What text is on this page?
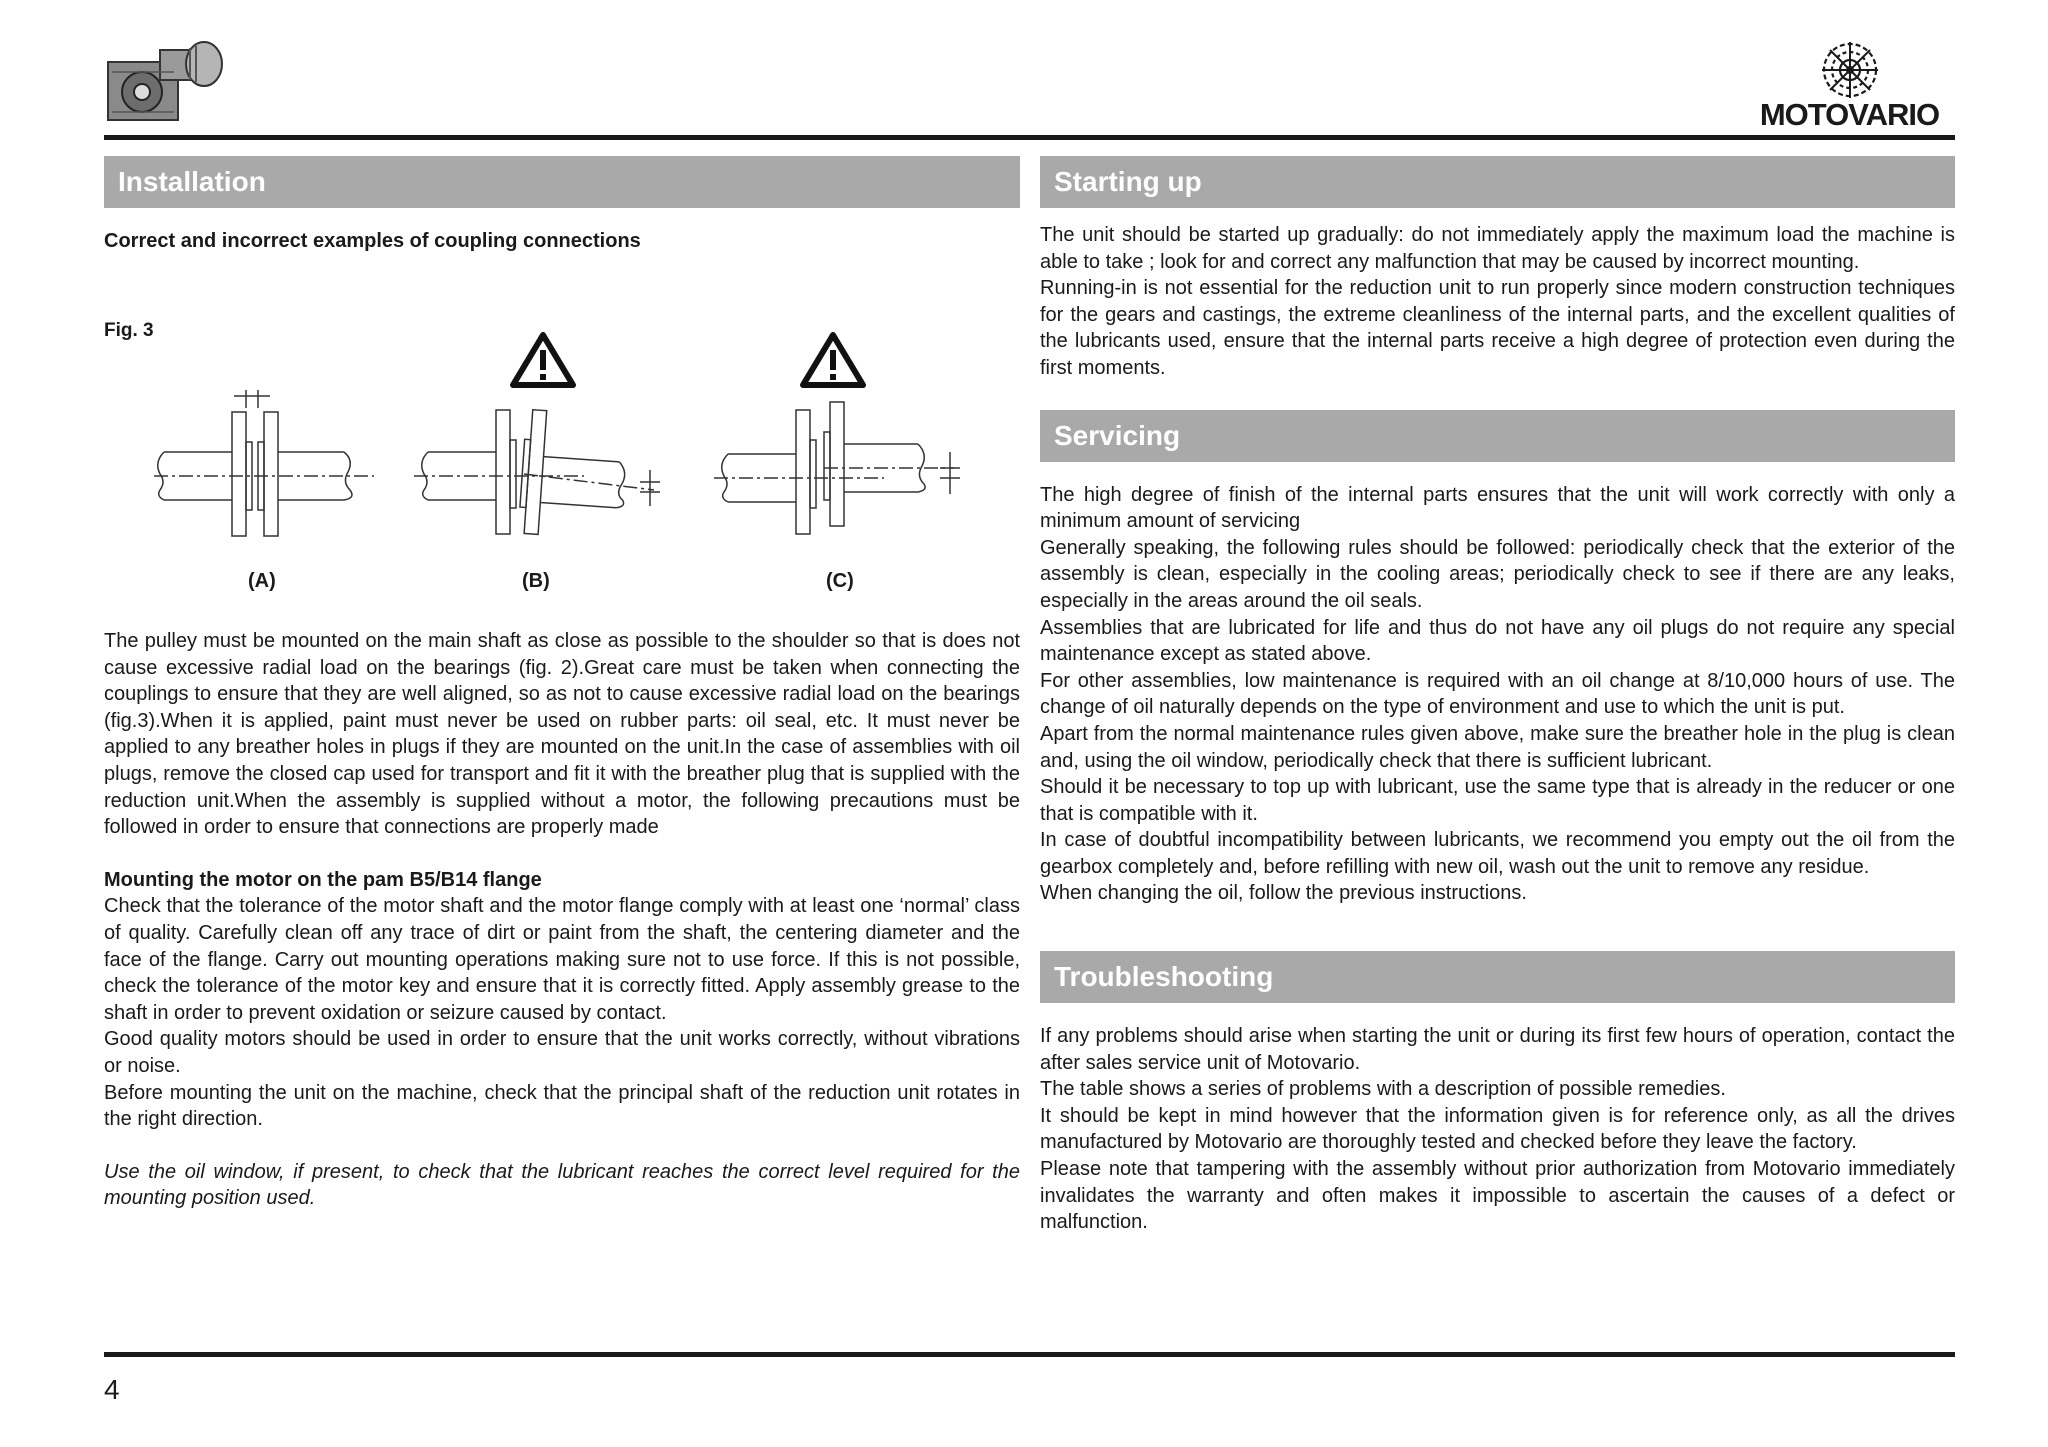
MOTOVARIO
Installation
Correct and incorrect examples of coupling connections
Fig. 3
(A)	(B)	(C)

The pulley must be mounted on the main shaft as close as possible to the shoulder so that is does not cause excessive radial load on the bearings (fig. 2).Great care must be taken when connecting the couplings to ensure that they are well aligned, so as not to cause excessive radial load on the bearings (fig.3).When it is applied, paint must never be used on rubber parts: oil seal, etc. It must never be applied to any breather holes in plugs if they are mounted on the unit.In the case of assemblies with oil plugs, remove the closed cap used for transport and fit it with the breather plug that is supplied with the reduction unit.When the assembly is supplied without a motor, the following precautions must be followed in order to ensure that connections are properly made

Mounting the motor on the pam B5/B14 flange

Check that the tolerance of the motor shaft and the motor flange comply with at least one ‘normal’ class of quality. Carefully clean off any trace of dirt or paint from the shaft, the centering diameter and the face of the flange. Carry out mounting operations making sure not to use force. If this is not possible, check the tolerance of the motor key and ensure that it is correctly fitted. Apply assembly grease to the shaft in order to prevent oxidation or seizure caused by contact.

Good quality motors should be used in order to ensure that the unit works correctly, without vibrations or noise.

Before mounting the unit on the machine, check that the principal shaft of the reduction unit rotates in the right direction.

Use the oil window, if present, to check that the lubricant reaches the correct level required for the mounting position used.

Starting up

The unit should be started up gradually: do not immediately apply the maximum load the machine is able to take ; look for and correct any malfunction that may be caused by incorrect mounting.

Running-in is not essential for the reduction unit to run properly since modern construction techniques for the gears and castings, the extreme cleanliness of the internal parts, and the excellent qualities of the lubricants used, ensure that the internal parts receive a high degree of protection even during the first moments.

Servicing

The high degree of finish of the internal parts ensures that the unit will work correctly with only a minimum amount of servicing

Generally speaking, the following rules should be followed: periodically check that the exterior of the assembly is clean, especially in the cooling areas; periodically check to see if there are any leaks, especially in the areas around the oil seals.

Assemblies that are lubricated for life and thus do not have any oil plugs do not require any special maintenance except as stated above.

For other assemblies, low maintenance is required with an oil change at 8/10,000 hours of use. The change of oil naturally depends on the type of environment and use to which the unit is put.

Apart from the normal maintenance rules given above, make sure the breather hole in the plug is clean and, using the oil window, periodically check that there is sufficient lubricant.

Should it be necessary to top up with lubricant, use the same type that is already in the reducer or one that is compatible with it.

In case of doubtful incompatibility between lubricants, we recommend you empty out the oil from the gearbox completely and, before refilling with new oil, wash out the unit to remove any residue.

When changing the oil, follow the previous instructions.

Troubleshooting

If any problems should arise when starting the unit or during its first few hours of operation, contact the after sales service unit of Motovario.

The table shows a series of problems with a description of possible remedies.

It should be kept in mind however that the information given is for reference only, as all the drives manufactured by Motovario are thoroughly tested and checked before they leave the factory.

Please note that tampering with the assembly without prior authorization from Motovario immediately invalidates the warranty and often makes it impossible to ascertain the causes of a defect or malfunction.

4
